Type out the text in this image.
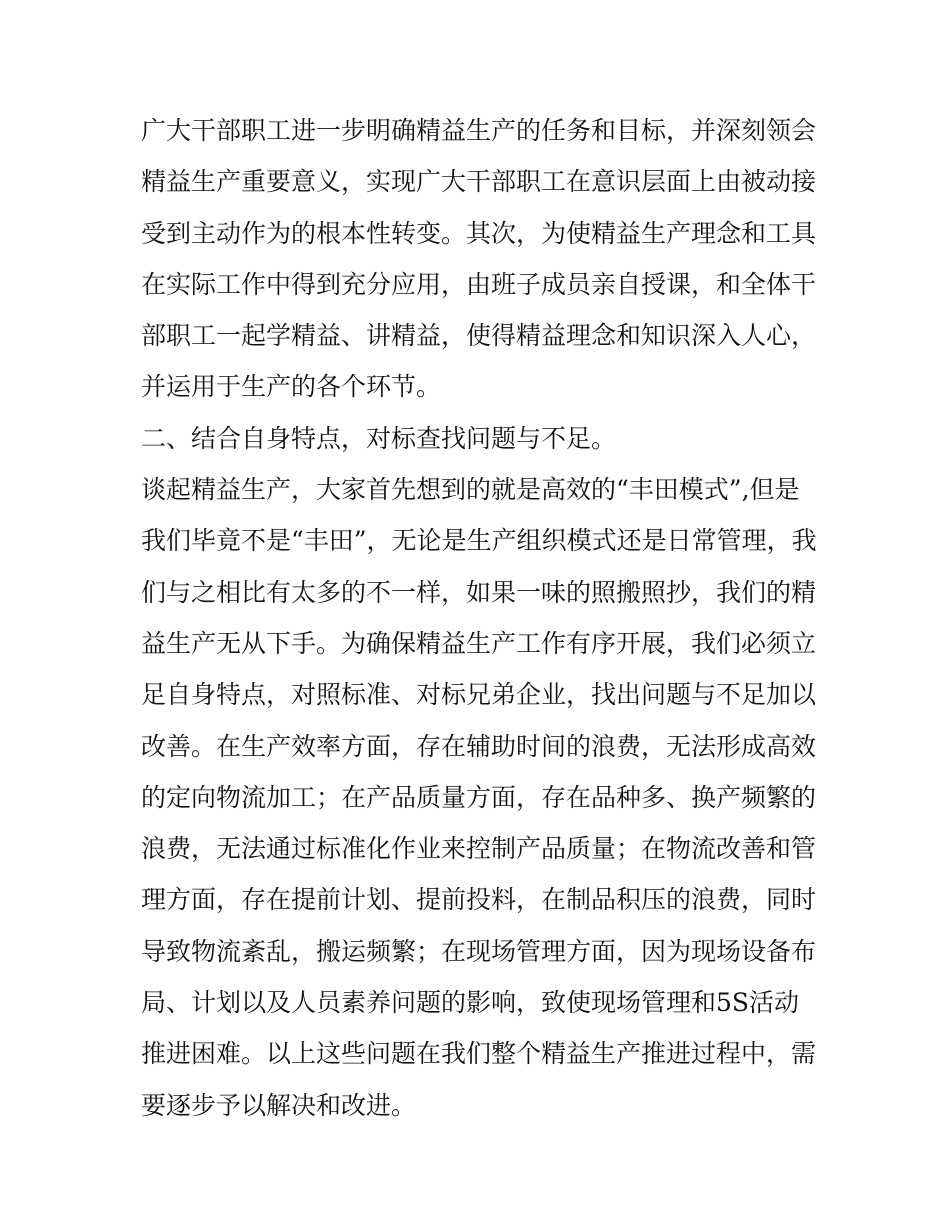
广大干部职工进一步明确精益生产的任务和目标，并深刻领会
精益生产重要意义，实现广大干部职工在意识层面上由被动接
受到主动作为的根本性转变。其次，为使精益生产理念和工具
在实际工作中得到充分应用，由班子成员亲自授课，和全体干
部职工一起学精益、讲精益，使得精益理念和知识深入人心，
并运用于生产的各个环节。
二、结合自身特点，对标查找问题与不足。
谈起精益生产，大家首先想到的就是高效的“丰田模式”,但是
我们毕竟不是“丰田”，无论是生产组织模式还是日常管理，我
们与之相比有太多的不一样，如果一味的照搬照抄，我们的精
益生产无从下手。为确保精益生产工作有序开展，我们必须立
足自身特点，对照标准、对标兄弟企业，找出问题与不足加以
改善。在生产效率方面，存在辅助时间的浪费，无法形成高效
的定向物流加工；在产品质量方面，存在品种多、换产频繁的
浪费，无法通过标准化作业来控制产品质量；在物流改善和管
理方面，存在提前计划、提前投料，在制品积压的浪费，同时
导致物流紊乱，搬运频繁；在现场管理方面，因为现场设备布
局、计划以及人员素养问题的影响，致使现场管理和5S活动
推进困难。以上这些问题在我们整个精益生产推进过程中，需
要逐步予以解决和改进。
